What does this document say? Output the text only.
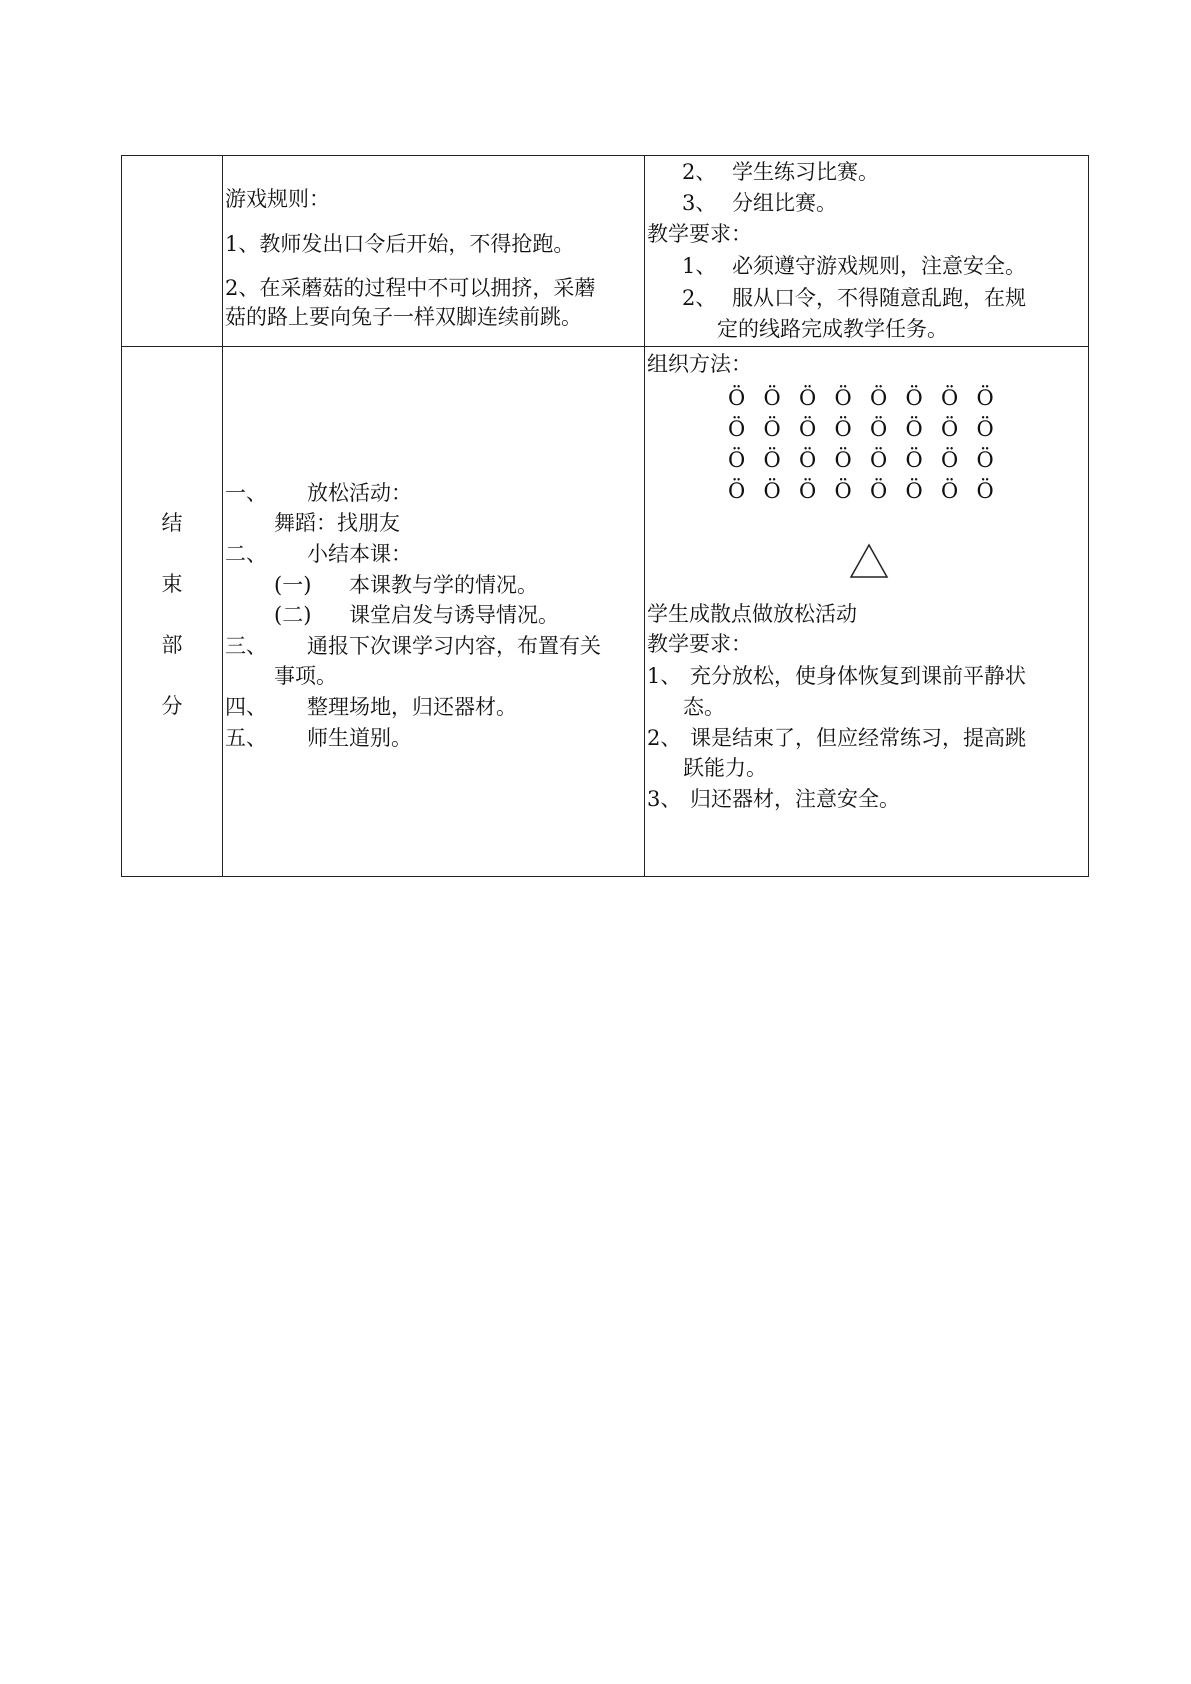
游戏规则：
1、教师发出口令后开始，不得抢跑。
2、在采蘑菇的过程中不可以拥挤，采蘑
菇的路上要向兔子一样双脚连续前跳。
2、 学生练习比赛。
3、 分组比赛。
教学要求：
1、 必须遵守游戏规则，注意安全。
2、 服从口令，不得随意乱跑，在规
定的线路完成教学任务。
结
束
部
分
一、 放松活动：
舞蹈：找朋友
二、 小结本课：
(一) 本课教与学的情况。
(二) 课堂启发与诱导情况。
三、 通报下次课学习内容，布置有关
事项。
四、 整理场地，归还器材。
五、 师生道别。
组织方法：
学生成散点做放松活动
教学要求：
1、 充分放松，使身体恢复到课前平静状
态。
2、 课是结束了，但应经常练习，提高跳
跃能力。
3、 归还器材，注意安全。
Ö Ö Ö Ö Ö Ö Ö Ö
Ö Ö Ö Ö Ö Ö Ö Ö
Ö Ö Ö Ö Ö Ö Ö Ö
Ö Ö Ö Ö Ö Ö Ö Ö
